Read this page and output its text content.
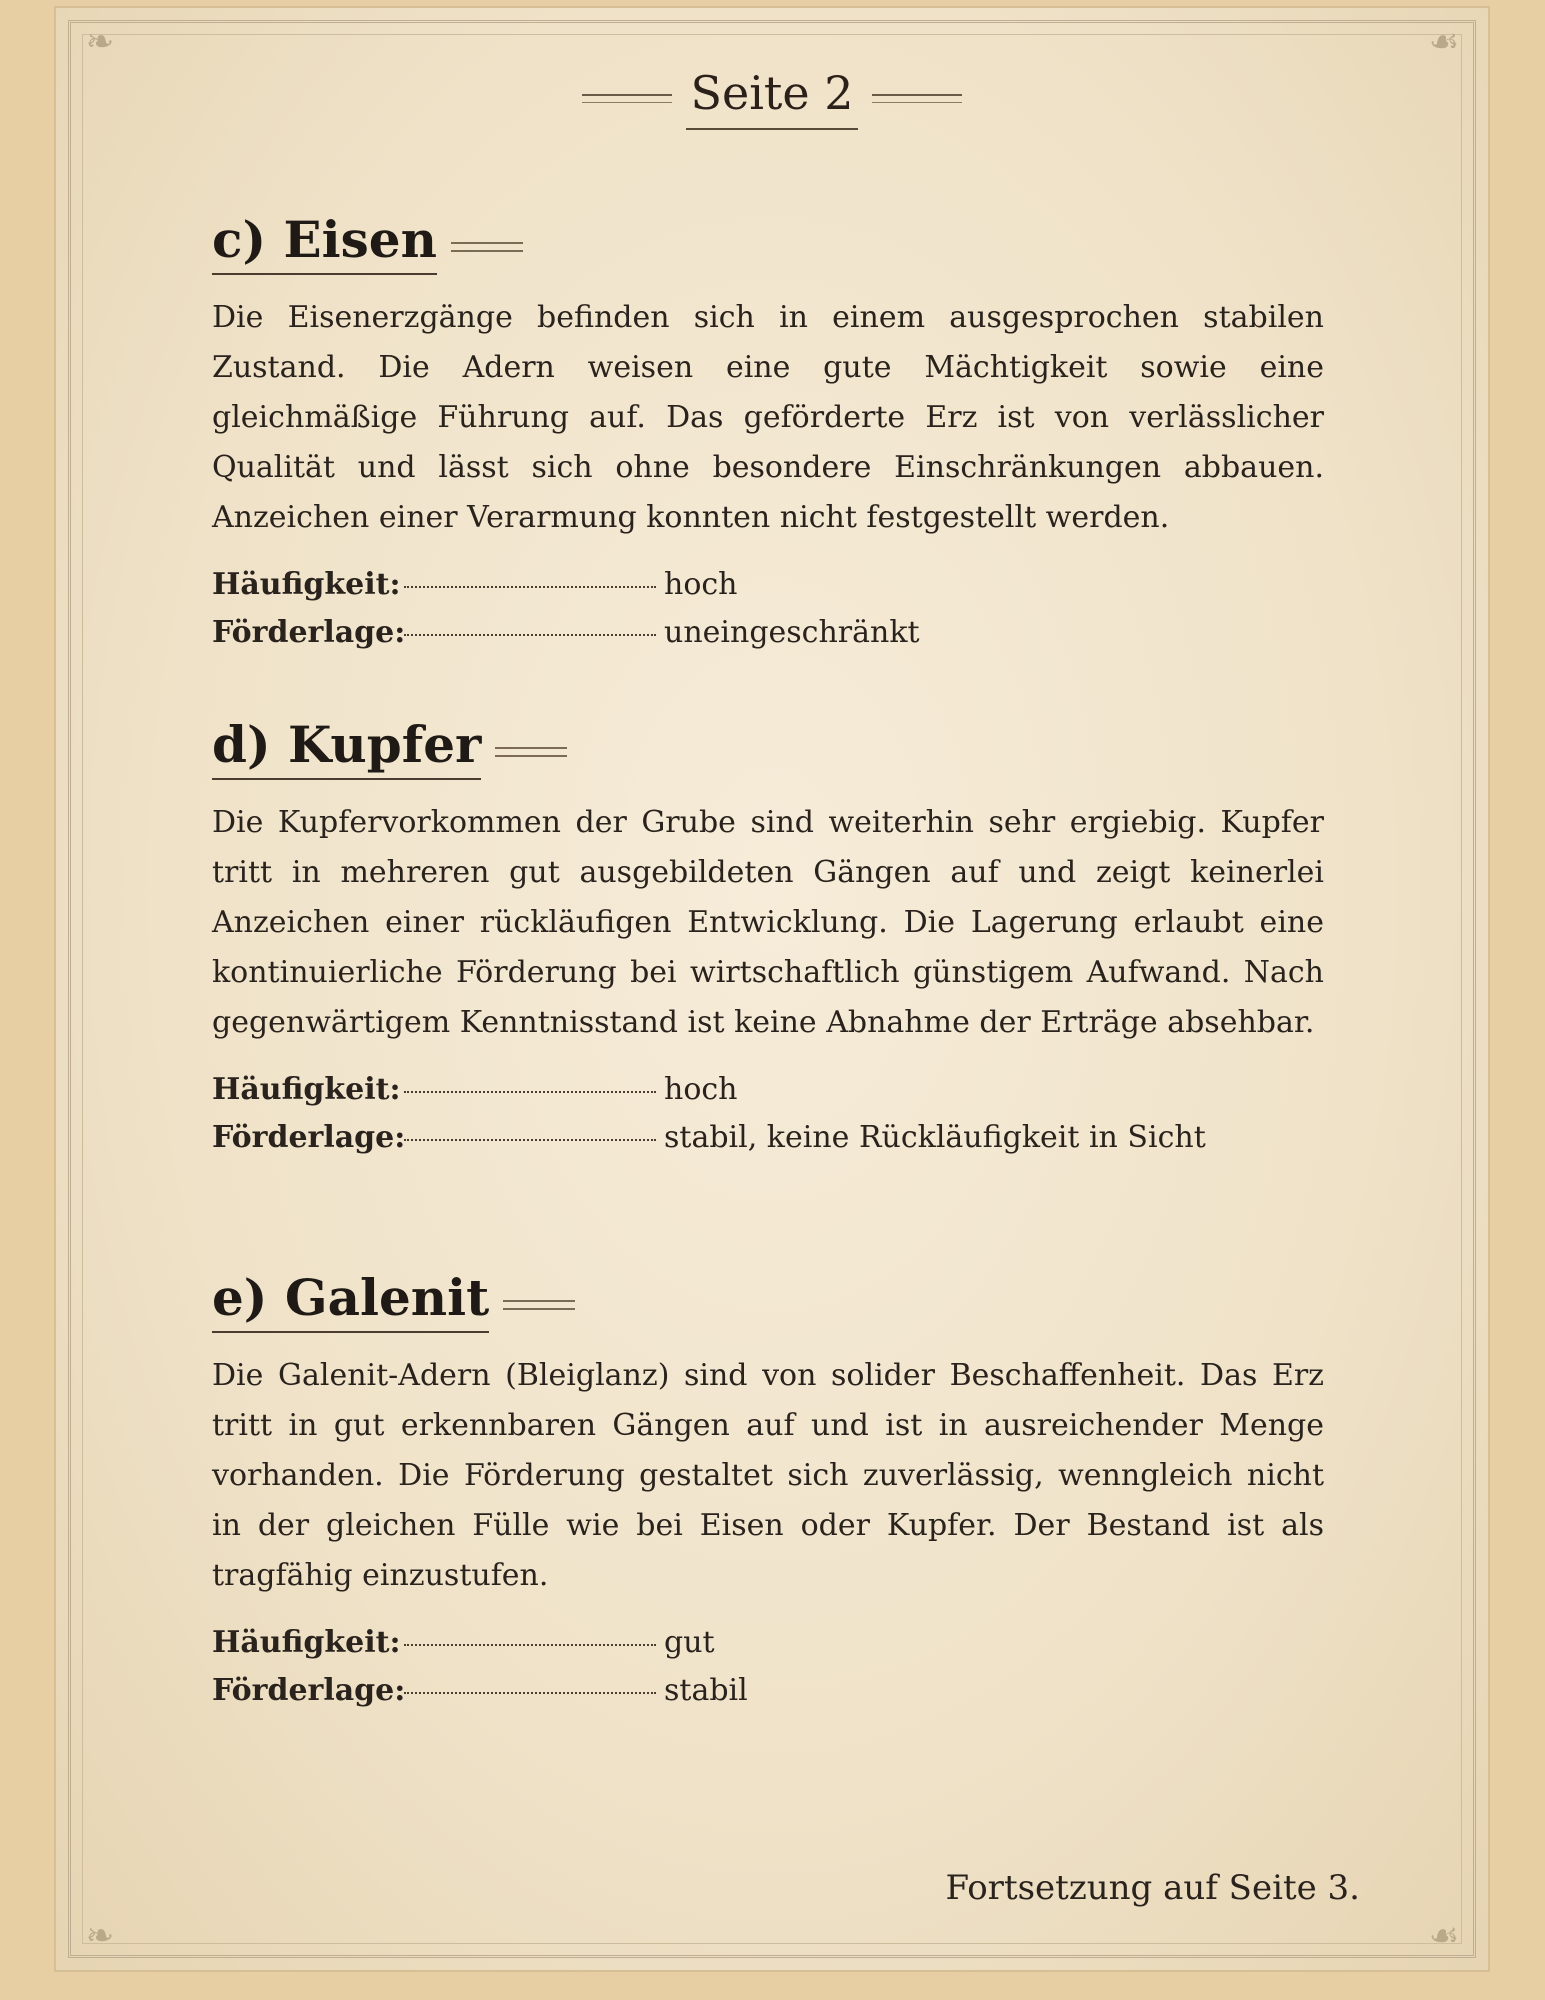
❧	☙
❧	☙
Seite 2
c) Eisen

Die Eisenerzgänge befinden sich in einem ausgesprochen stabilen Zustand. Die Adern weisen eine gute Mächtigkeit sowie eine gleichmäßige Führung auf. Das geförderte Erz ist von verlässlicher Qualität und lässt sich ohne besondere Einschränkungen abbauen. Anzeichen einer Verarmung konnten nicht festgestellt werden.

Häufigkeit:	hoch
Förderlage:	uneingeschränkt
d) Kupfer

Die Kupfervorkommen der Grube sind weiterhin sehr ergiebig. Kupfer tritt in mehreren gut ausgebildeten Gängen auf und zeigt keinerlei Anzeichen einer rückläufigen Entwicklung. Die Lagerung erlaubt eine kontinuierliche Förderung bei wirtschaftlich günstigem Aufwand. Nach gegenwärtigem Kenntnisstand ist keine Abnahme der Erträge absehbar.

Häufigkeit:	hoch
Förderlage:	stabil, keine Rückläufigkeit in Sicht
e) Galenit

Die Galenit-Adern (Bleiglanz) sind von solider Beschaffenheit. Das Erz tritt in gut erkennbaren Gängen auf und ist in ausreichender Menge vorhanden. Die Förderung gestaltet sich zuverlässig, wenngleich nicht in der gleichen Fülle wie bei Eisen oder Kupfer. Der Bestand ist als tragfähig einzustufen.

Häufigkeit:	gut
Förderlage:	stabil
Fortsetzung auf Seite 3.
